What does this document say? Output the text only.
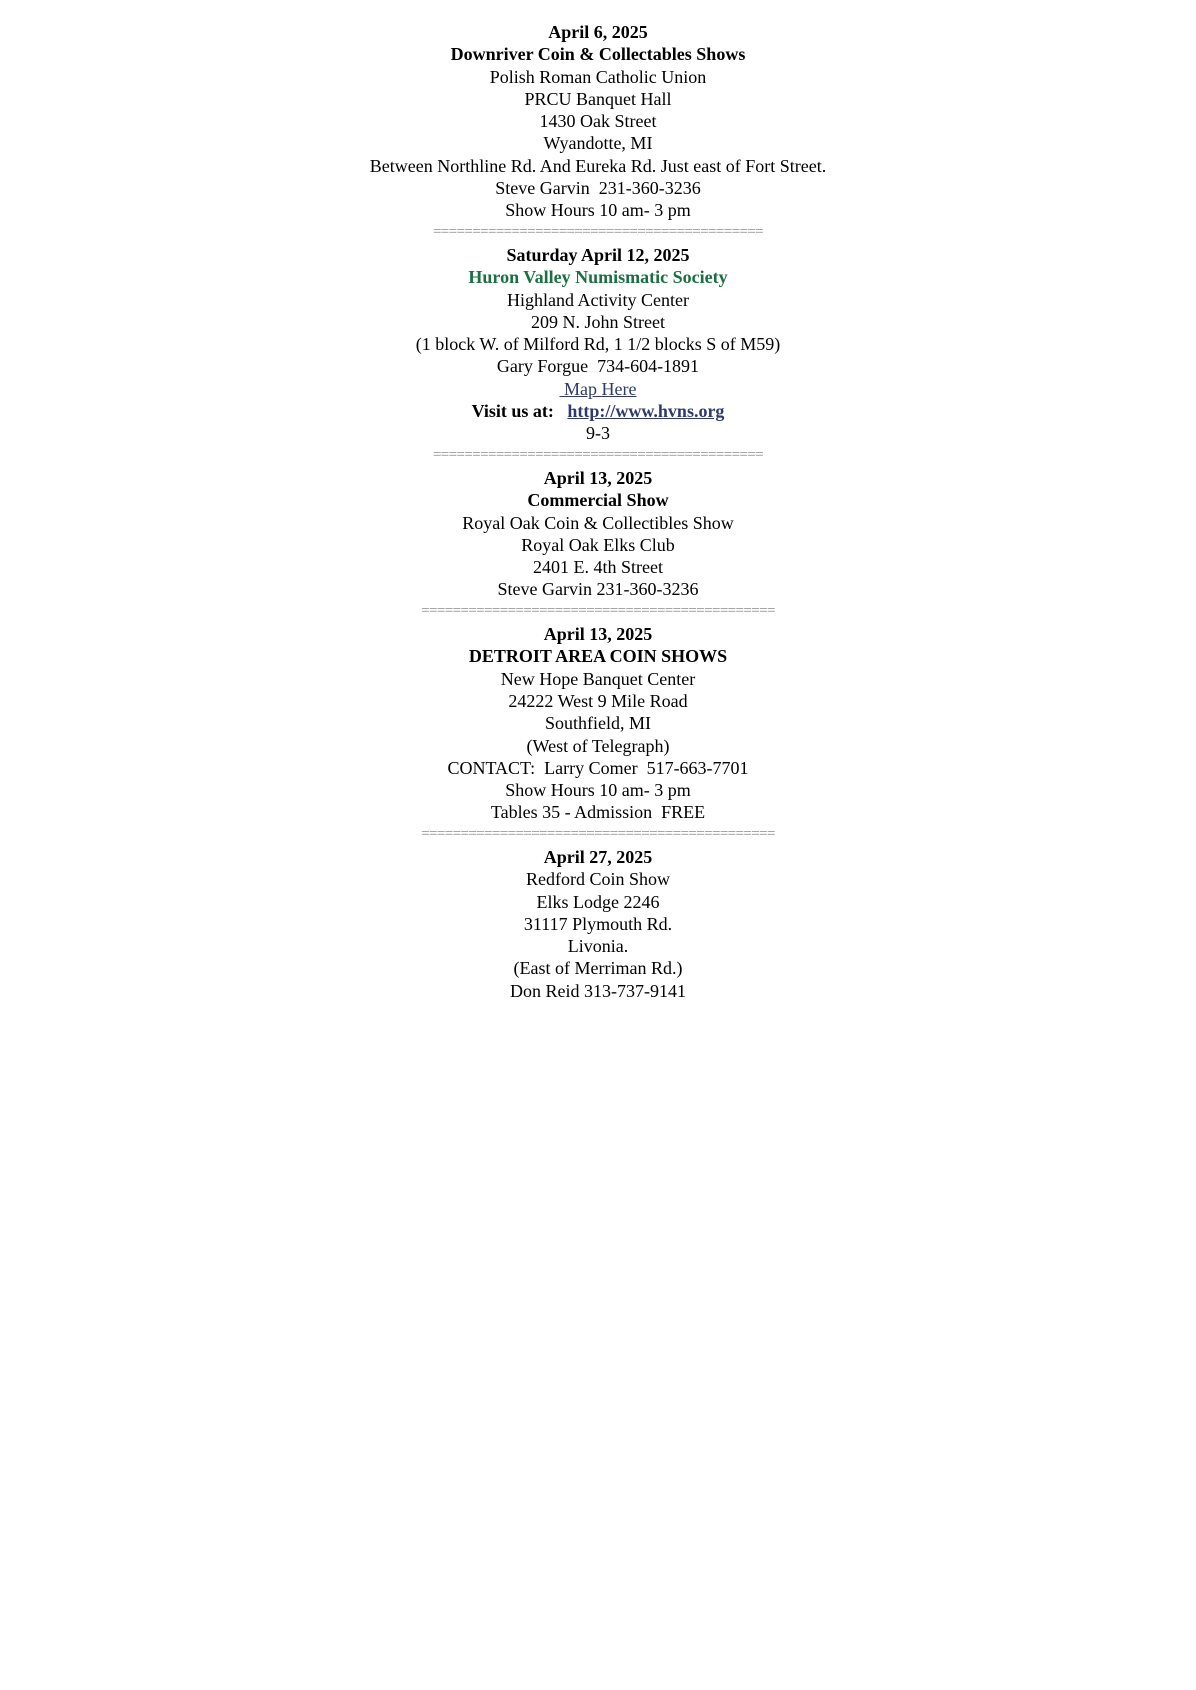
April 6, 2025
Downriver Coin & Collectables Shows
Polish Roman Catholic Union
PRCU Banquet Hall
1430 Oak Street
Wyandotte, MI
Between Northline Rd. And Eureka Rd. Just east of Fort Street.
Steve Garvin  231-360-3236
Show Hours 10 am- 3 pm
==========================================
Saturday April 12, 2025
Huron Valley Numismatic Society
Highland Activity Center
209 N. John Street
(1 block W. of Milford Rd, 1 1/2 blocks S of M59)
Gary Forgue  734-604-1891
Map Here
Visit us at: http://www.hvns.org
9-3
==========================================
April 13, 2025
Commercial Show
Royal Oak Coin & Collectibles Show
Royal Oak Elks Club
2401 E. 4th Street
Steve Garvin 231-360-3236
=============================================
April 13, 2025
DETROIT AREA COIN SHOWS
New Hope Banquet Center
24222 West 9 Mile Road
Southfield, MI
(West of Telegraph)
CONTACT:  Larry Comer  517-663-7701
Show Hours 10 am- 3 pm
Tables 35 - Admission  FREE
=============================================
April 27, 2025
Redford Coin Show
Elks Lodge 2246
31117 Plymouth Rd.
Livonia.
(East of Merriman Rd.)
Don Reid 313-737-9141
